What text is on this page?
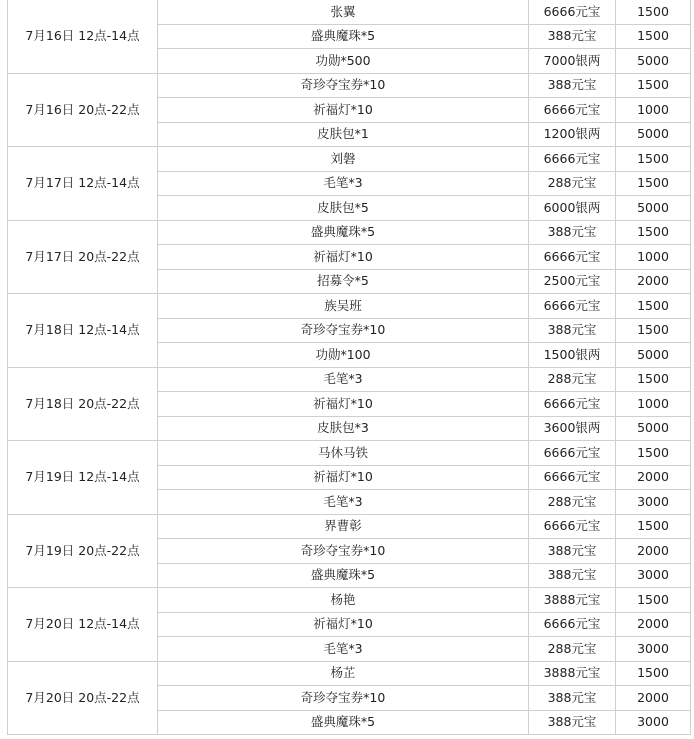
7月16日 12点-14点	张翼	6666元宝	1500
	盛典魔珠*5	388元宝	1500
	功勋*500	7000银两	5000
7月16日 20点-22点	奇珍夺宝券*10	388元宝	1500
	祈福灯*10	6666元宝	1000
	皮肤包*1	1200银两	5000
7月17日 12点-14点	刘磐	6666元宝	1500
	毛笔*3	288元宝	1500
	皮肤包*5	6000银两	5000
7月17日 20点-22点	盛典魔珠*5	388元宝	1500
	祈福灯*10	6666元宝	1000
	招募令*5	2500元宝	2000
7月18日 12点-14点	族吴班	6666元宝	1500
	奇珍夺宝券*10	388元宝	1500
	功勋*100	1500银两	5000
7月18日 20点-22点	毛笔*3	288元宝	1500
	祈福灯*10	6666元宝	1000
	皮肤包*3	3600银两	5000
7月19日 12点-14点	马休马铁	6666元宝	1500
	祈福灯*10	6666元宝	2000
	毛笔*3	288元宝	3000
7月19日 20点-22点	界曹彰	6666元宝	1500
	奇珍夺宝券*10	388元宝	2000
	盛典魔珠*5	388元宝	3000
7月20日 12点-14点	杨艳	3888元宝	1500
	祈福灯*10	6666元宝	2000
	毛笔*3	288元宝	3000
7月20日 20点-22点	杨芷	3888元宝	1500
	奇珍夺宝券*10	388元宝	2000
	盛典魔珠*5	388元宝	3000
